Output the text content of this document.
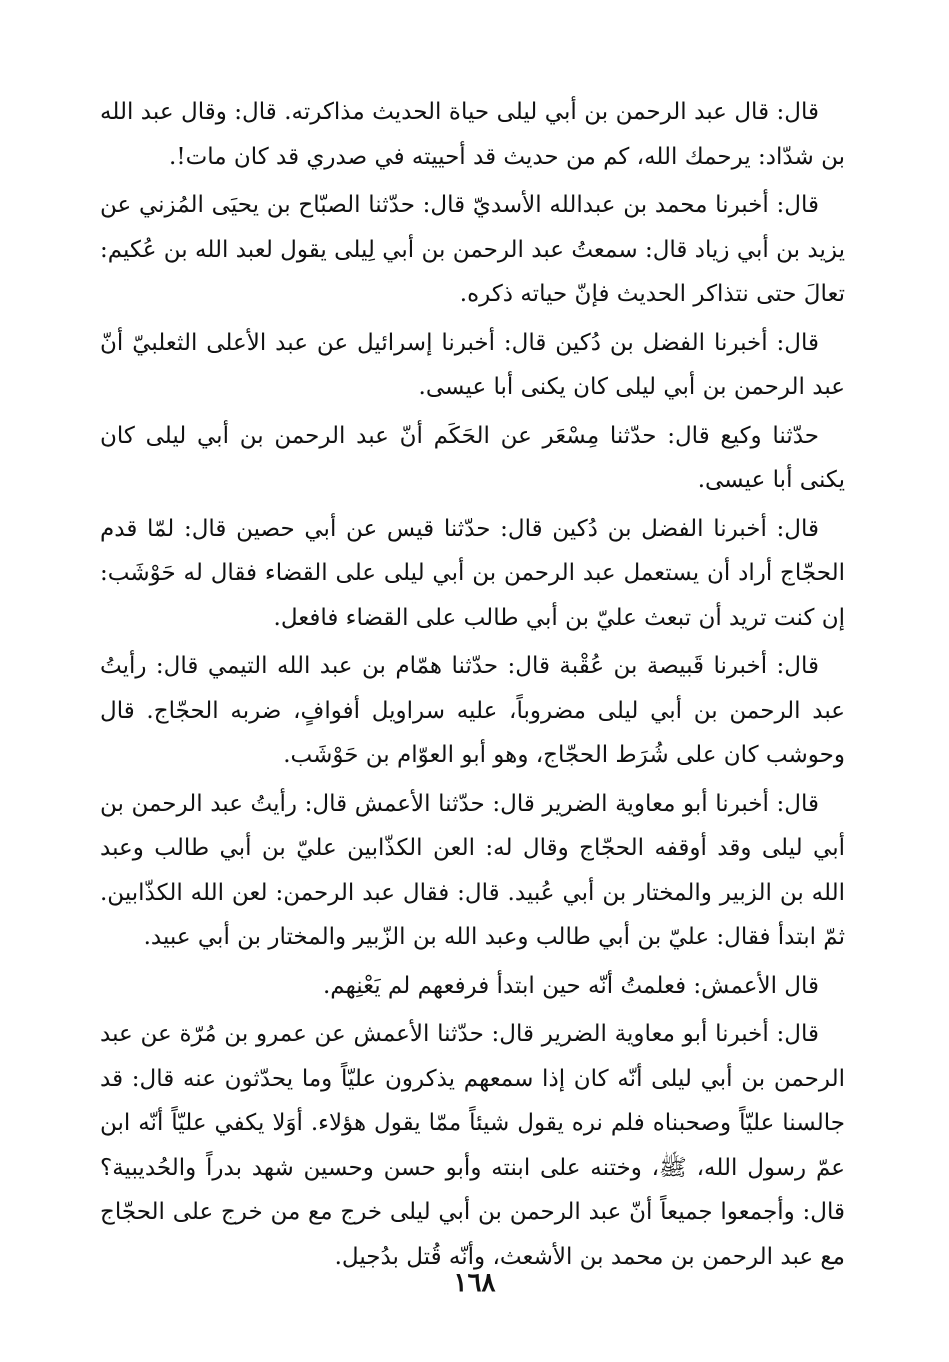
قال: قال عبد الرحمن بن أبي ليلى حياة الحديث مذاكرته. قال: وقال عبد الله بن شدّاد: يرحمك الله، كم من حديث قد أحييته في صدري قد كان مات!.

قال: أخبرنا محمد بن عبدالله الأسديّ قال: حدّثنا الصبّاح بن يحيَى المُزني عن يزيد بن أبي زياد قال: سمعتُ عبد الرحمن بن أبي لِيلى يقول لعبد الله بن عُكيم: تعالَ حتى نتذاكر الحديث فإنّ حياته ذكره.

قال: أخبرنا الفضل بن دُكين قال: أخبرنا إسرائيل عن عبد الأعلى الثعلبيّ أنّ عبد الرحمن بن أبي ليلى كان يكنى أبا عيسى.

حدّثنا وكيع قال: حدّثنا مِسْعَر عن الحَكَم أنّ عبد الرحمن بن أبي ليلى كان يكنى أبا عيسى.

قال: أخبرنا الفضل بن دُكين قال: حدّثنا قيس عن أبي حصين قال: لمّا قدم الحجّاج أراد أن يستعمل عبد الرحمن بن أبي ليلى على القضاء فقال له حَوْشَب: إن كنت تريد أن تبعث عليّ بن أبي طالب على القضاء فافعل.

قال: أخبرنا قَبيصة بن عُقْبة قال: حدّثنا همّام بن عبد الله التيمي قال: رأيتُ عبد الرحمن بن أبي ليلى مضروباً، عليه سراويل أفوافٍ، ضربه الحجّاج. قال وحوشب كان على شُرَط الحجّاج، وهو أبو العوّام بن حَوْشَب.

قال: أخبرنا أبو معاوية الضرير قال: حدّثنا الأعمش قال: رأيتُ عبد الرحمن بن أبي ليلى وقد أوقفه الحجّاج وقال له: العن الكذّابين عليّ بن أبي طالب وعبد الله بن الزبير والمختار بن أبي عُبيد. قال: فقال عبد الرحمن: لعن الله الكذّابين. ثمّ ابتدأ فقال: عليّ بن أبي طالب وعبد الله بن الزّبير والمختار بن أبي عبيد.

قال الأعمش: فعلمتُ أنّه حين ابتدأ فرفعهم لم يَعْنِهم.

قال: أخبرنا أبو معاوية الضرير قال: حدّثنا الأعمش عن عمرو بن مُرّة عن عبد الرحمن بن أبي ليلى أنّه كان إذا سمعهم يذكرون عليّاً وما يحدّثون عنه قال: قد جالسنا عليّاً وصحبناه فلم نره يقول شيئاً ممّا يقول هؤلاء. أوَلا يكفي عليّاً أنّه ابن عمّ رسول الله، ﷺ، وختنه على ابنته وأبو حسن وحسين شهد بدراً والحُديبية؟ قال: وأجمعوا جميعاً أنّ عبد الرحمن بن أبي ليلى خرج مع من خرج على الحجّاج مع عبد الرحمن بن محمد بن الأشعث، وأنّه قُتل بدُجيل.

١٦٨
